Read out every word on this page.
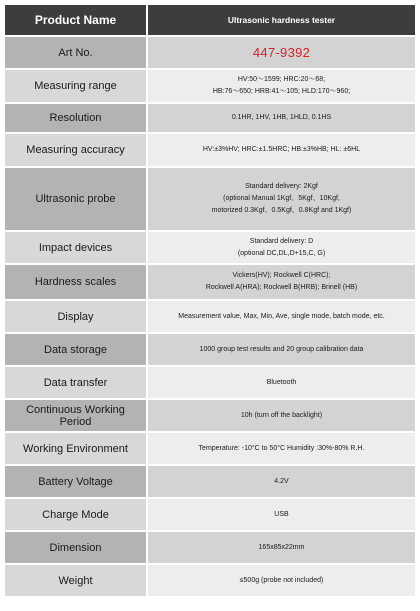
Product Name	Ultrasonic hardness tester
Art No.	447-9392

Measuring range	HV:50～1599; HRC:20～68;
HB:76～650; HRB:41～105; HLD:170～960;

Resolution	0.1HR, 1HV, 1HB, 1HLD, 0.1HS

Measuring accuracy	HV:±3%HV; HRC:±1.5HRC; HB:±3%HB; HL: ±6HL

Ultrasonic probe	Standard delivery: 2Kgf
(optional Manual 1Kgf、5Kgf、10Kgf,
motorized 0.3Kgf、0.5Kgf、0.8Kgf and 1Kgf)

Impact devices	Standard delivery: D
(optional DC,DL,D+15,C, G)

Hardness scales	Vickers(HV); Rockwell C(HRC);
Rockwell A(HRA); Rockwell B(HRB); Brinell (HB)

Display	Measurement value, Max, Min, Ave, single mode, batch mode, etc.

Data storage	1000 group test results and 20 group calibration data

Data transfer	Bluetooth

Continuous Working Period	10h (turn off the backlight)

Working Environment	Temperature: -10°C to 50°C Humidity :30%-80% R.H.

Battery Voltage	4.2V

Charge Mode	USB

Dimension	165x85x22mm

Weight	≤500g (probe not included)
